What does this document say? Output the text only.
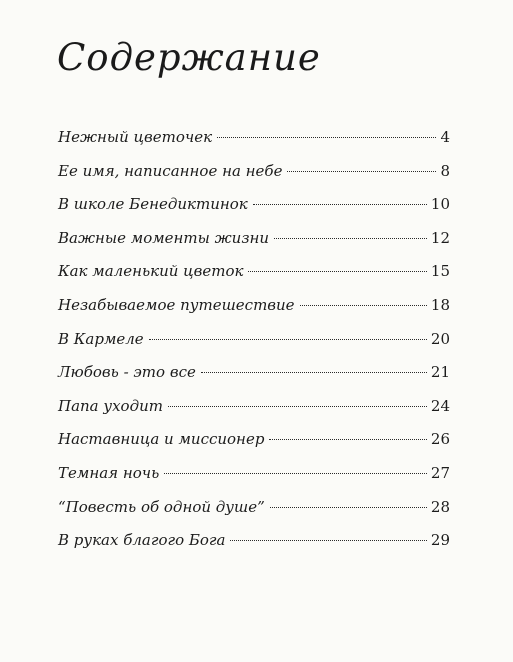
Содержание
Нежный цветочек	4
Ее имя, написанное на небе	8
В школе Бенедиктинок	10
Важные моменты жизни	12
Как маленький цветок	15
Незабываемое путешествие	18
В Кармеле	20
Любовь - это все	21
Папа уходит	24
Наставница и миссионер	26
Темная ночь	27
“Повесть об одной душе”	28
В руках благого Бога	29
